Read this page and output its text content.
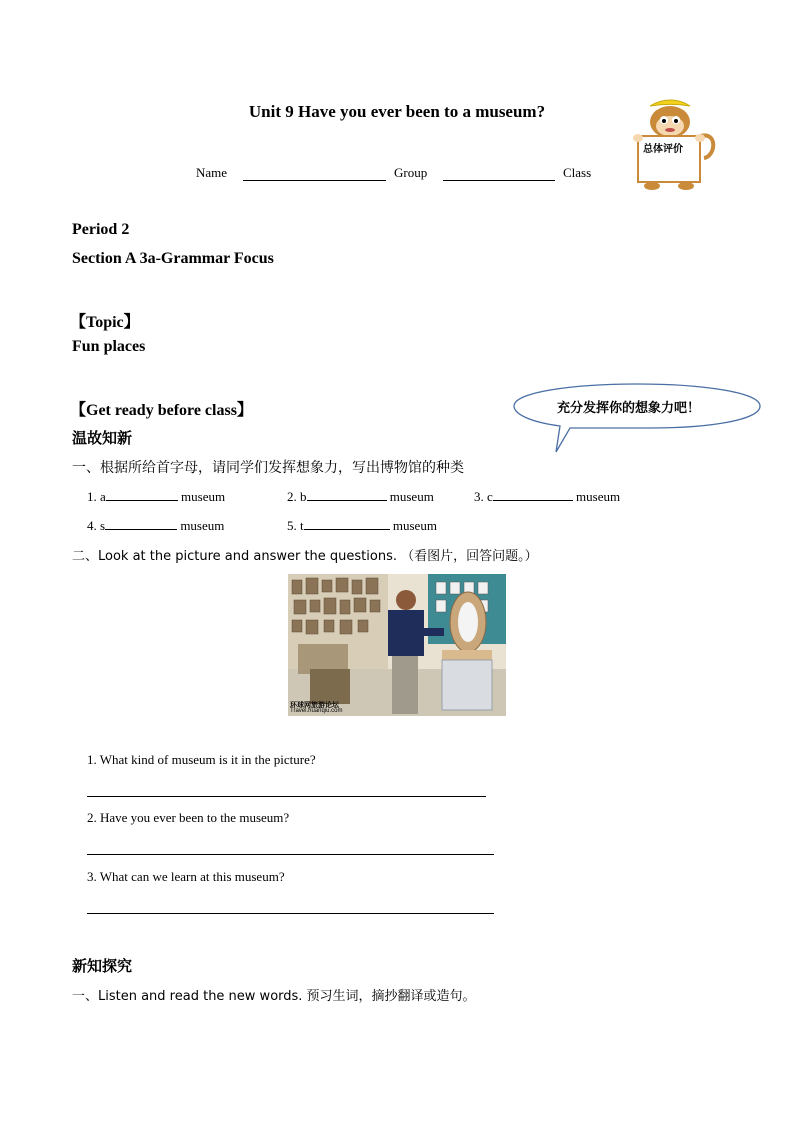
Unit 9 Have you ever been to a museum?
Name	Group	Class
总体评价
Period 2
Section A 3a-Grammar Focus
【Topic】
Fun places
【Get ready before class】	充分发挥你的想象力吧！
温故知新
一、根据所给首字母，请同学们发挥想象力，写出博物馆的种类
1. a	museum	2. b	museum	3. c	museum
4. s	museum	5. t	museum
二、Look at the picture and answer the questions. （看图片，回答问题。）
环球网旅游论坛
Travel.huanqiu.com
1. What kind of museum is it in the picture?
2. Have you ever been to the museum?
3. What can we learn at this museum?
新知探究
一、Listen and read the new words. 预习生词，摘抄翻译或造句。
